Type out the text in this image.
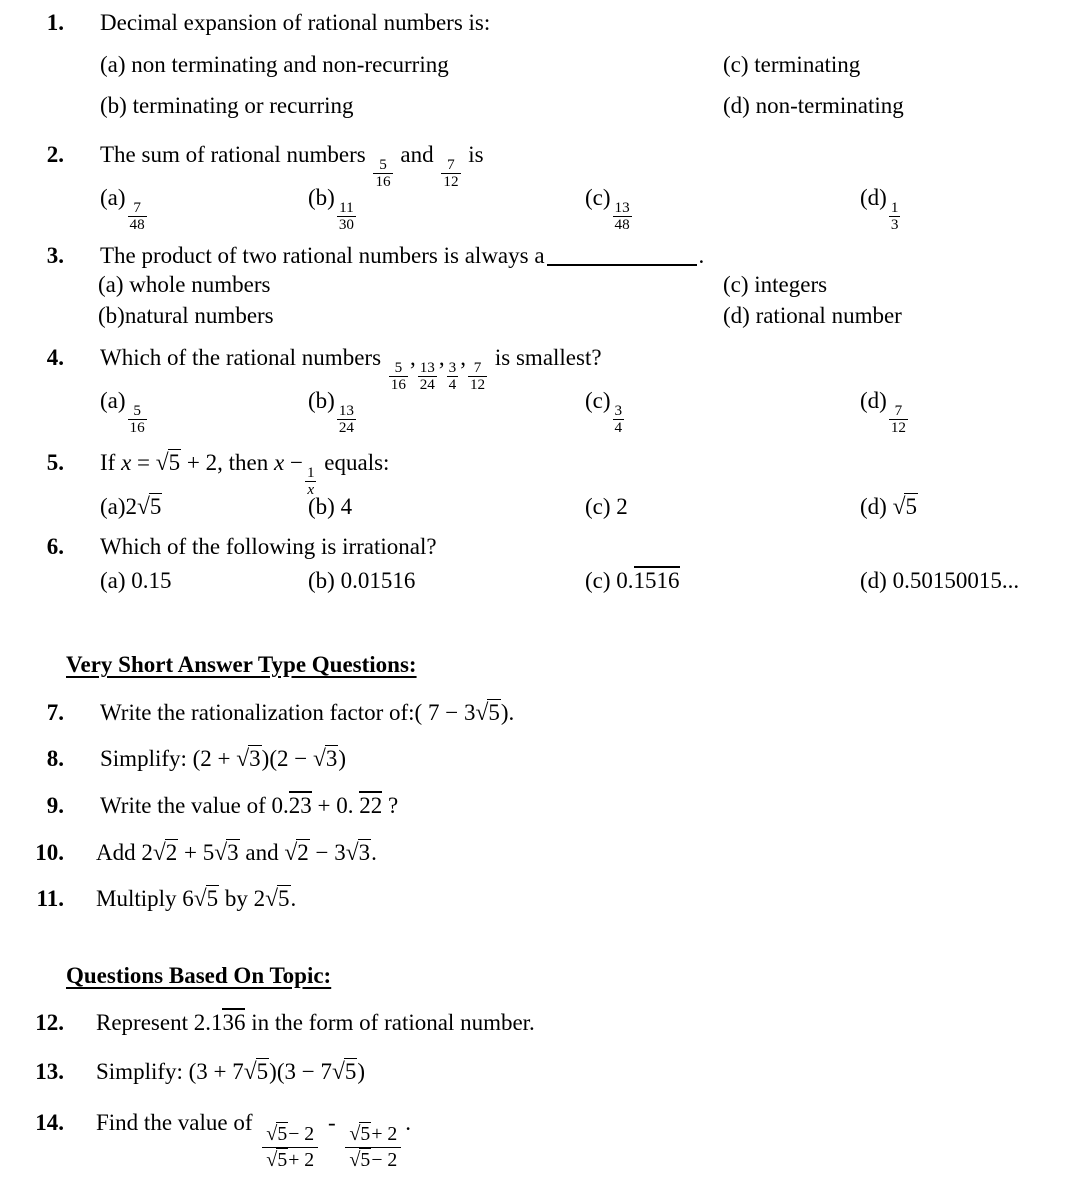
1. Decimal expansion of rational numbers is:
(a) non terminating and non-recurring	(c) terminating
(b) terminating or recurring	(d) non-terminating
2. The sum of rational numbers
$\frac{5}{16}$
and
$\frac{7}{12}$
is
(a)
$\frac{7}{48}$
(b)
$\frac{11}{30}$
(c)
$\frac{13}{48}$
(d)
$\frac{1}{3}$
3. The product of two rational numbers is always a	.
(a) whole numbers	(c) integers
(b)natural numbers	(d) rational number
4. Which of the rational numbers
$\frac{5}{16}$
,
$\frac{13}{24}$
,
$\frac{3}{4}$
,
$\frac{7}{12}$
is smallest?
(a)
$\frac{5}{16}$
(b)
$\frac{13}{24}$
(c)
$\frac{3}{4}$
(d)
$\frac{7}{12}$
5. If x = √5 + 2, then x −
$\frac{1}{x}$
equals:
(a)2√5	(b) 4	(c) 2	(d) √5
6. Which of the following is irrational?
(a) 0.15	(b) 0.01516	(c) 0.1516	(d) 0.50150015...
Very Short Answer Type Questions:
7. Write the rationalization factor of:( 7 − 3√5).
8. Simplify: (2 + √3)(2 − √3)
9. Write the value of 0.23 + 0. 22 ?
10. Add 2√2 + 5√3 and √2 − 3√3.
11. Multiply 6√5 by 2√5.
Questions Based On Topic:
12. Represent 2.136 in the form of rational number.
13. Simplify: (3 + 7√5)(3 − 7√5)
14. Find the value of
$\frac{√5- 2}{√5+ 2}$
-
$\frac{√5+ 2}{√5- 2}$
.
